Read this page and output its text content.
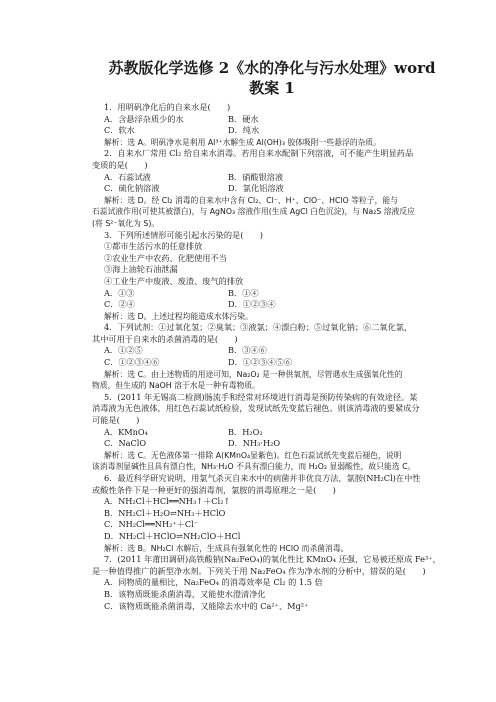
苏教版化学选修 2《水的净化与污水处理》word
教案 1

1．用明矾净化后的自来水是(　　)

A．含悬浮杂质少的水	B．硬水
C．软水	D．纯水

解析：选 A。明矾净水是利用 Al³⁺水解生成 Al(OH)₃ 胶体吸附一些悬浮的杂质。

2．自来水厂常用 Cl₂ 给自来水消毒。若用自来水配制下列溶液，可不能产生明显药品

变质的是(　　)

A．石蕊试液	B．硝酸银溶液
C．硫化钠溶液	D．氯化铝溶液

解析：选 D。经 Cl₂ 消毒的自来水中含有 Cl₂、Cl⁻、H⁺、ClO⁻、HClO 等粒子，能与

石蕊试液作用(可使其被漂白)，与 AgNO₃ 溶液作用(生成 AgCl 白色沉淀)，与 Na₂S 溶液反应

(将 S²⁻氧化为 S)。

3．下列所述情形可能引起水污染的是(　　)

①都市生活污水的任意排放

②农业生产中农药、化肥使用不当

③海上油轮石油泄漏

④工业生产中废液、废渣、废气的排放

A．①③	B．①④
C．②④	D．①②③④

解析：选 D。上述过程均能造成水体污染。

4．下列试剂：①过氧化氢；②臭氧；③液氯；④漂白粉；⑤过氧化钠；⑥二氧化氯，

其中可用于自来水的杀菌消毒的是(　　)

A．①②⑤	B．③④⑥
C．①②③④⑥	D．①②③④⑤⑥

解析：选 C。由上述物质的用途可知，Na₂O₂ 是一种供氧剂，尽管遇水生成强氧化性的

物质，但生成的 NaOH 溶于水是一种有毒物质。

5．(2011 年无锡高二检测)肠流手和经常对环境进行消毒是预防传染病的有效途径。某

消毒液为无色液体，用红色石蕊试纸检验，发现试纸先变蓝后褪色。则该消毒液的要紧成分

可能是(　　)

A．KMnO₄	B．H₂O₂
C．NaClO	D．NH₃·H₂O

解析：选 C。无色液体第一排除 A(KMnO₄显紫色)。红色石蕊试纸先变蓝后褪色，说明

该消毒剂显碱性且具有漂白性，NH₃·H₂O 不具有漂白能力，而 H₂O₂ 显弱酸性，故只能选 C。

6．最近科学研究说明，用氯气杀灭自来水中的病菌并非优良方法，氯胺(NH₂Cl)在中性

或酸性条件下是一种更好的强消毒剂，氯胺的消毒原理之一是(　　)

A．NH₂Cl＋HCl══NH₃↑＋Cl₂↑

B．NH₂Cl＋H₂O⇌NH₃＋HClO

C．NH₂Cl══NH₂⁺＋Cl⁻

D．NH₂Cl＋HClO⇌NH₂ClO＋HCl

解析：选 B。NH₂Cl 水解后，生成具有强氧化性的 HClO 而杀菌消毒。

7．(2011 年莆田调研)高铁酸钠(Na₂FeO₄)的氧化性比 KMnO₄ 还强，它易被还原成 Fe³⁺，

是一种值得推广的新型净水剂。下列关于用 Na₂FeO₄ 作为净水剂的分析中，错误的是(　　)

A．同物质的量相比，Na₂FeO₄ 的消毒效率是 Cl₂ 的 1.5 倍

B．该物质既能杀菌消毒，又能使水澄清净化

C．该物质既能杀菌消毒，又能除去水中的 Ca²⁺、Mg²⁺
